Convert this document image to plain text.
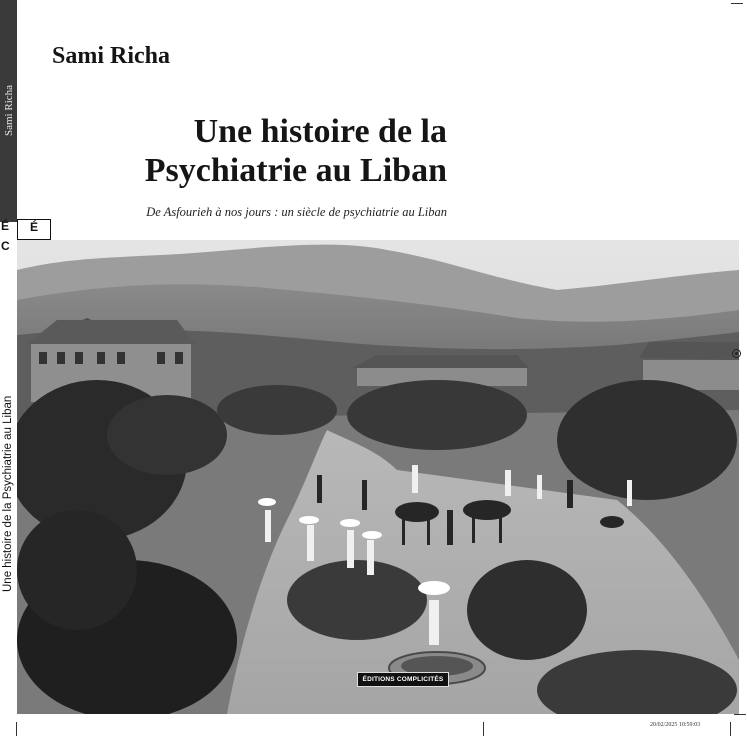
Sami Richa
É
C
Une histoire de la Psychiatrie au Liban
É
Sami Richa
Une histoire de la
Psychiatrie au Liban
De Asfourieh à nos jours : un siècle de psychiatrie au Liban
ÉDITIONS COMPLICITÉS
20/02/2025 10:59:03
